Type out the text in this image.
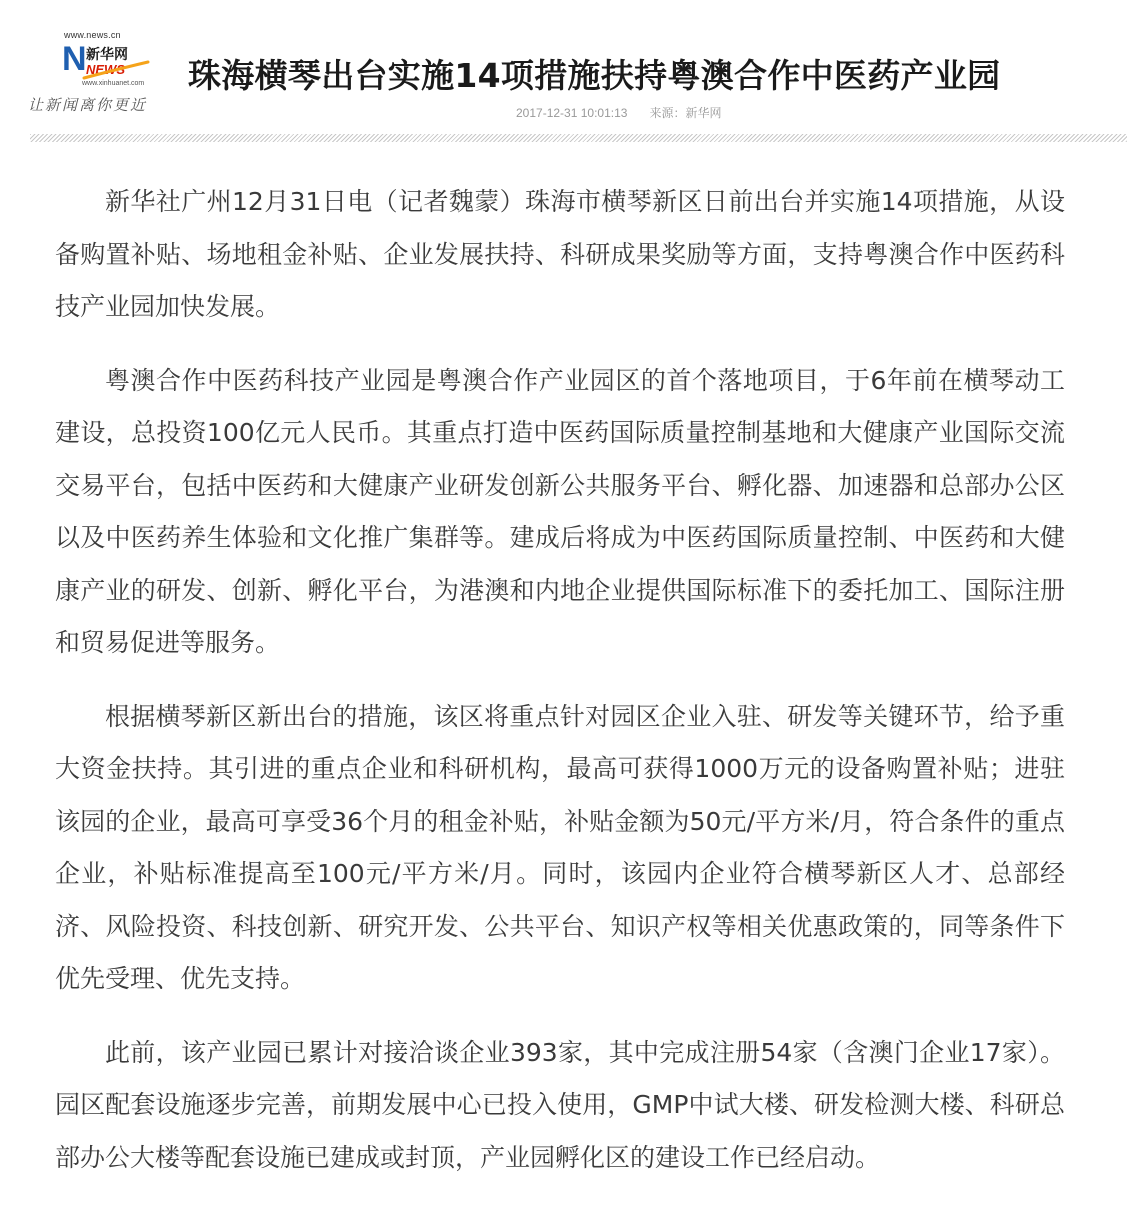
www.news.cn
N 新华网
NEWS
www.xinhuanet.com
让新闻离你更近
珠海横琴出台实施14项措施扶持粤澳合作中医药产业园
2017-12-31 10:01:13 来源：新华网

新华社广州12月31日电（记者魏蒙）珠海市横琴新区日前出台并实施14项措施，从设备购置补贴、场地租金补贴、企业发展扶持、科研成果奖励等方面，支持粤澳合作中医药科技产业园加快发展。

粤澳合作中医药科技产业园是粤澳合作产业园区的首个落地项目，于6年前在横琴动工建设，总投资100亿元人民币。其重点打造中医药国际质量控制基地和大健康产业国际交流交易平台，包括中医药和大健康产业研发创新公共服务平台、孵化器、加速器和总部办公区以及中医药养生体验和文化推广集群等。建成后将成为中医药国际质量控制、中医药和大健康产业的研发、创新、孵化平台，为港澳和内地企业提供国际标准下的委托加工、国际注册和贸易促进等服务。

根据横琴新区新出台的措施，该区将重点针对园区企业入驻、研发等关键环节，给予重大资金扶持。其引进的重点企业和科研机构，最高可获得1000万元的设备购置补贴；进驻该园的企业，最高可享受36个月的租金补贴，补贴金额为50元/平方米/月，符合条件的重点企业，补贴标准提高至100元/平方米/月。同时，该园内企业符合横琴新区人才、总部经济、风险投资、科技创新、研究开发、公共平台、知识产权等相关优惠政策的，同等条件下优先受理、优先支持。

此前，该产业园已累计对接洽谈企业393家，其中完成注册54家（含澳门企业17家）。园区配套设施逐步完善，前期发展中心已投入使用，GMP中试大楼、研发检测大楼、科研总部办公大楼等配套设施已建成或封顶，产业园孵化区的建设工作已经启动。
